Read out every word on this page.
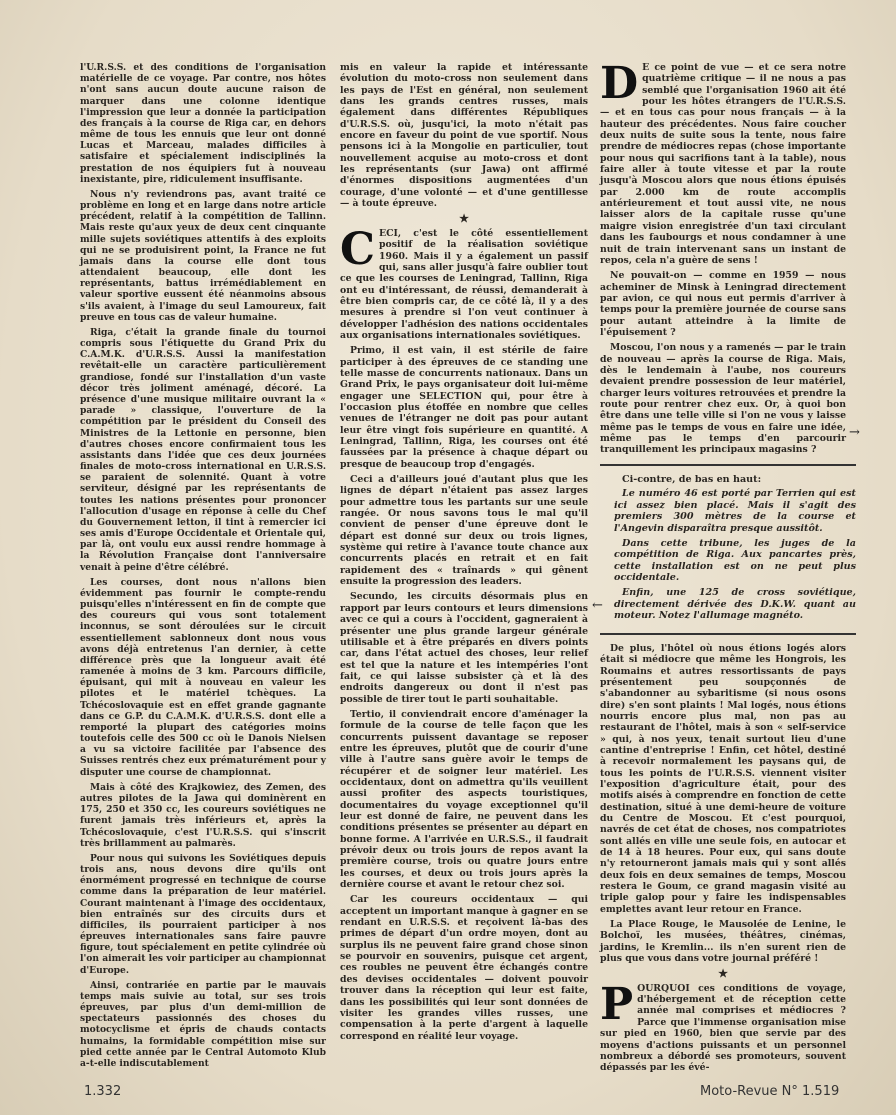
l'U.R.S.S. et des conditions de l'organisation matérielle de ce voyage. Par contre, nos hôtes n'ont sans aucun doute aucune raison de marquer dans une colonne identique l'impression que leur a donnée la participation des français à la course de Riga car, en dehors même de tous les ennuis que leur ont donné Lucas et Marceau, malades difficiles à satisfaire et spécialement indisciplinés la prestation de nos équipiers fut à nouveau inexistante, pire, ridiculement insuffisante.

Nous n'y reviendrons pas, avant traité ce problème en long et en large dans notre article précédent, relatif à la compétition de Tallinn. Mais reste qu'aux yeux de deux cent cinquante mille sujets soviétiques attentifs à des exploits qui ne se produisirent point, la France ne fut jamais dans la course elle dont tous attendaient beaucoup, elle dont les représentants, battus irrémédiablement en valeur sportive eussent été néanmoins absous s'ils avaient, à l'image du seul Lamoureux, fait preuve en tous cas de valeur humaine.

Riga, c'était la grande finale du tournoi compris sous l'étiquette du Grand Prix du C.A.M.K. d'U.R.S.S. Aussi la manifestation revêtait-elle un caractère particulièrement grandiose, fondé sur l'installation d'un vaste décor très joliment aménagé, décoré. La présence d'une musique militaire ouvrant la « parade » classique, l'ouverture de la compétition par le président du Conseil des Ministres de la Lettonie en personne, bien d'autres choses encore confirmaient tous les assistants dans l'idée que ces deux journées finales de moto-cross international en U.R.S.S. se paraient de solennité. Quant à votre serviteur, désigné par les représentants de toutes les nations présentes pour prononcer l'allocution d'usage en réponse à celle du Chef du Gouvernement letton, il tint à remercier ici ses amis d'Europe Occidentale et Orientale qui, par là, ont voulu eux aussi rendre hommage à la Révolution Française dont l'anniversaire venait à peine d'être célébré.

Les courses, dont nous n'allons bien évidemment pas fournir le compte-rendu puisqu'elles n'intéressent en fin de compte que des coureurs qui vous sont totalement inconnus, se sont déroulées sur le circuit essentiellement sablonneux dont nous vous avons déjà entretenus l'an dernier, à cette différence près que la longueur avait été ramenée à moins de 3 km. Parcours difficile, épuisant, qui mit à nouveau en valeur les pilotes et le matériel tchèques. La Tchécoslovaquie est en effet grande gagnante dans ce G.P. du C.A.M.K. d'U.R.S.S. dont elle a remporté la plupart des catégories moins toutefois celle des 500 cc où le Danois Nielsen a vu sa victoire facilitée par l'absence des Suisses rentrés chez eux prématurément pour y disputer une course de championnat.

Mais à côté des Krajkowiez, des Zemen, des autres pilotes de la Jawa qui dominèrent en 175, 250 et 350 cc, les coureurs soviétiques ne furent jamais très inférieurs et, après la Tchécoslovaquie, c'est l'U.R.S.S. qui s'inscrit très brillamment au palmarès.

Pour nous qui suivons les Soviétiques depuis trois ans, nous devons dire qu'ils ont énormément progressé en technique de course comme dans la préparation de leur matériel. Courant maintenant à l'image des occidentaux, bien entraînés sur des circuits durs et difficiles, ils pourraient participer à nos épreuves internationales sans faire pauvre figure, tout spécialement en petite cylindrée où l'on aimerait les voir participer au championnat d'Europe.

Ainsi, contrariée en partie par le mauvais temps mais suivie au total, sur ses trois épreuves, par plus d'un demi-million de spectateurs passionnés des choses du motocyclisme et épris de chauds contacts humains, la formidable compétition mise sur pied cette année par le Central Automoto Klub a-t-elle indiscutablement

mis en valeur la rapide et intéressante évolution du moto-cross non seulement dans les pays de l'Est en général, non seulement dans les grands centres russes, mais également dans différentes Républiques d'U.R.S.S. où, jusqu'ici, la moto n'était pas encore en faveur du point de vue sportif. Nous pensons ici à la Mongolie en particulier, tout nouvellement acquise au moto-cross et dont les représentants (sur Jawa) ont affirmé d'énormes dispositions augmentées d'un courage, d'une volonté — et d'une gentillesse — à toute épreuve.

★
C ECI, c'est le côté essentiellement positif de la réalisation soviétique 1960. Mais il y a également un passif qui, sans aller jusqu'à faire oublier tout ce que les courses de Leningrad, Tallinn, Riga ont eu d'intéressant, de réussi, demanderait à être bien compris car, de ce côté là, il y a des mesures à prendre si l'on veut continuer à développer l'adhésion des nations occidentales aux organisations internationales soviétiques.

Primo, il est vain, il est stérile de faire participer à des épreuves de ce standing une telle masse de concurrents nationaux. Dans un Grand Prix, le pays organisateur doit lui-même engager une SELECTION qui, pour être à l'occasion plus étoffée en nombre que celles venues de l'étranger ne doit pas pour autant leur être vingt fois supérieure en quantité. A Leningrad, Tallinn, Riga, les courses ont été faussées par la présence à chaque départ ou presque de beaucoup trop d'engagés.

Ceci a d'ailleurs joué d'autant plus que les lignes de départ n'étaient pas assez larges pour admettre tous les partants sur une seule rangée. Or nous savons tous le mal qu'il convient de penser d'une épreuve dont le départ est donné sur deux ou trois lignes, système qui retire à l'avance toute chance aux concurrents placés en retrait et en fait rapidement des « traînards » qui gênent ensuite la progression des leaders.

Secundo, les circuits désormais plus en rapport par leurs contours et leurs dimensions avec ce qui a cours à l'occident, gagneraient à présenter une plus grande largeur générale utilisable et à être préparés en divers points car, dans l'état actuel des choses, leur relief est tel que la nature et les intempéries l'ont fait, ce qui laisse subsister çà et là des endroits dangereux ou dont il n'est pas possible de tirer tout le parti souhaitable.

Tertio, il conviendrait encore d'aménager la formule de la course de telle façon que les concurrents puissent davantage se reposer entre les épreuves, plutôt que de courir d'une ville à l'autre sans guère avoir le temps de récupérer et de soigner leur matériel. Les occidentaux, dont on admettra qu'ils veuillent aussi profiter des aspects touristiques, documentaires du voyage exceptionnel qu'il leur est donné de faire, ne peuvent dans les conditions présentes se présenter au départ en bonne forme. A l'arrivée en U.R.S.S., il faudrait prévoir deux ou trois jours de repos avant la première course, trois ou quatre jours entre les courses, et deux ou trois jours après la dernière course et avant le retour chez soi.

Car les coureurs occidentaux — qui acceptent un important manque à gagner en se rendant en U.R.S.S. et reçoivent là-bas des primes de départ d'un ordre moyen, dont au surplus ils ne peuvent faire grand chose sinon se pourvoir en souvenirs, puisque cet argent, ces roubles ne peuvent être échangés contre des devises occidentales — doivent pouvoir trouver dans la réception qui leur est faite, dans les possibilités qui leur sont données de visiter les grandes villes russes, une compensation à la perte d'argent à laquelle correspond en réalité leur voyage.

D E ce point de vue — et ce sera notre quatrième critique — il ne nous a pas semblé que l'organisation 1960 ait été pour les hôtes étrangers de l'U.R.S.S. — et en tous cas pour nous français — à la hauteur des précédentes. Nous faire coucher deux nuits de suite sous la tente, nous faire prendre de médiocres repas (chose importante pour nous qui sacrifions tant à la table), nous faire aller à toute vitesse et par la route jusqu'à Moscou alors que nous étions épuisés par 2.000 km de route accomplis antérieurement et tout aussi vite, ne nous laisser alors de la capitale russe qu'une maigre vision enregistrée d'un taxi circulant dans les faubourgs et nous condamner à une nuit de train intervenant sans un instant de repos, cela n'a guère de sens !

Ne pouvait-on — comme en 1959 — nous acheminer de Minsk à Leningrad directement par avion, ce qui nous eut permis d'arriver à temps pour la première journée de course sans pour autant atteindre à la limite de l'épuisement ?

Moscou, l'on nous y a ramenés — par le train de nouveau — après la course de Riga. Mais, dès le lendemain à l'aube, nos coureurs devaient prendre possession de leur matériel, charger leurs voitures retrouvées et prendre la route pour rentrer chez eux. Or, à quoi bon être dans une telle ville si l'on ne vous y laisse même pas le temps de vous en faire une idée, même pas le temps d'en parcourir tranquillement les principaux magasins ?

Ci-contre, de bas en haut:

Le numéro 46 est porté par Terrien qui est ici assez bien placé. Mais il s'agit des premiers 300 mètres de la course et l'Angevin disparaîtra presque aussitôt.

Dans cette tribune, les juges de la compétition de Riga. Aux pancartes près, cette installation est on ne peut plus occidentale.

Enfin, une 125 de cross soviétique, directement dérivée des D.K.W. quant au moteur. Notez l'allumage magnéto.

De plus, l'hôtel où nous étions logés alors était si médiocre que même les Hongrois, les Roumains et autres ressortissants de pays présentement peu soupçonnés de s'abandonner au sybaritisme (si nous osons dire) s'en sont plaints ! Mal logés, nous étions nourris encore plus mal, non pas au restaurant de l'hôtel, mais à son « self-service » qui, à nos yeux, tenait surtout lieu d'une cantine d'entreprise ! Enfin, cet hôtel, destiné à recevoir normalement les paysans qui, de tous les points de l'U.R.S.S. viennent visiter l'exposition d'agriculture était, pour des motifs aisés à comprendre en fonction de cette destination, situé à une demi-heure de voiture du Centre de Moscou. Et c'est pourquoi, navrés de cet état de choses, nos compatriotes sont allés en ville une seule fois, en autocar et de 14 à 18 heures. Pour eux, qui sans doute n'y retourneront jamais mais qui y sont allés deux fois en deux semaines de temps, Moscou restera le Goum, ce grand magasin visité au triple galop pour y faire les indispensables emplettes avant leur retour en France.

La Place Rouge, le Mausolée de Lenine, le Bolchoï, les musées, théâtres, cinémas, jardins, le Kremlin... ils n'en surent rien de plus que vous dans votre journal préféré !

★
P OURQUOI ces conditions de voyage, d'hébergement et de réception cette année mal comprises et médiocres ? Parce que l'immense organisation mise sur pied en 1960, bien que servie par des moyens d'actions puissants et un personnel nombreux a débordé ses promoteurs, souvent dépassés par les évé-

→
←
1.332	Moto-Revue N° 1.519
